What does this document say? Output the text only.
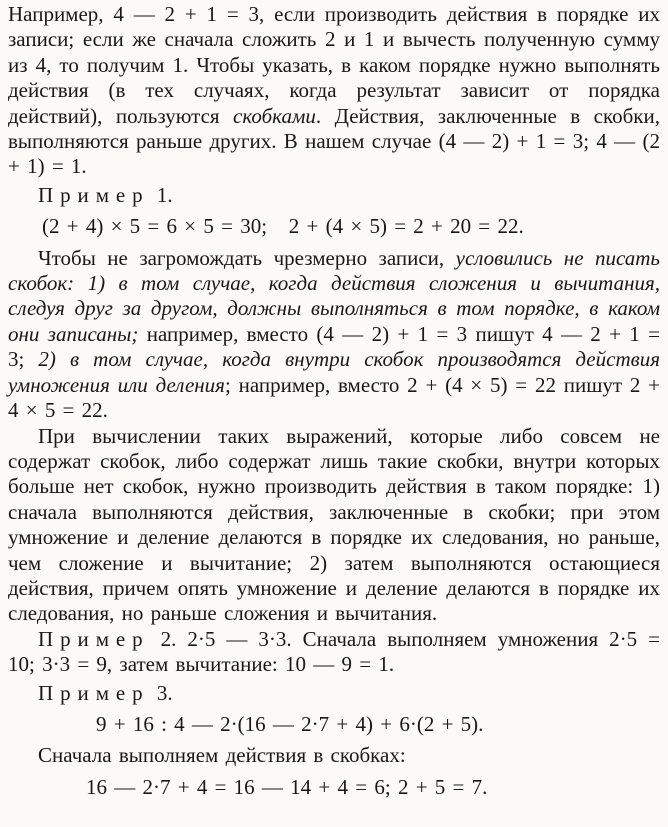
Например, 4 — 2 + 1 = 3, если производить действия в порядке их записи; если же сначала сложить 2 и 1 и вычесть полученную сумму из 4, то получим 1. Чтобы указать, в каком порядке нужно выполнять действия (в тех случаях, когда результат зависит от порядка действий), пользуются скобками. Действия, заключенные в скобки, выполняются раньше других. В нашем случае (4 — 2) + 1 = 3; 4 — (2 + 1) = 1.

Пример 1.

(2 + 4) × 5 = 6 × 5 = 30;   2 + (4 × 5) = 2 + 20 = 22.

Чтобы не загромождать чрезмерно записи, условились не писать скобок: 1) в том случае, когда действия сложения и вычитания, следуя друг за другом, должны выполняться в том порядке, в каком они записаны; например, вместо (4 — 2) + 1 = 3 пишут 4 — 2 + 1 = 3; 2) в том случае, когда внутри скобок производятся действия умножения или деления; например, вместо 2 + (4 × 5) = 22 пишут 2 + 4 × 5 = 22.

При вычислении таких выражений, которые либо совсем не содержат скобок, либо содержат лишь такие скобки, внутри которых больше нет скобок, нужно производить действия в таком порядке: 1) сначала выполняются действия, заключенные в скобки; при этом умножение и деление делаются в порядке их следования, но раньше, чем сложение и вычитание; 2) затем выполняются остающиеся действия, причем опять умножение и деление делаются в порядке их следования, но раньше сложения и вычитания.

Пример 2. 2·5 — 3·3. Сначала выполняем умножения 2·5 = 10; 3·3 = 9, затем вычитание: 10 — 9 = 1.

Пример 3.

9 + 16 : 4 — 2·(16 — 2·7 + 4) + 6·(2 + 5).

Сначала выполняем действия в скобках:

16 — 2·7 + 4 = 16 — 14 + 4 = 6; 2 + 5 = 7.
